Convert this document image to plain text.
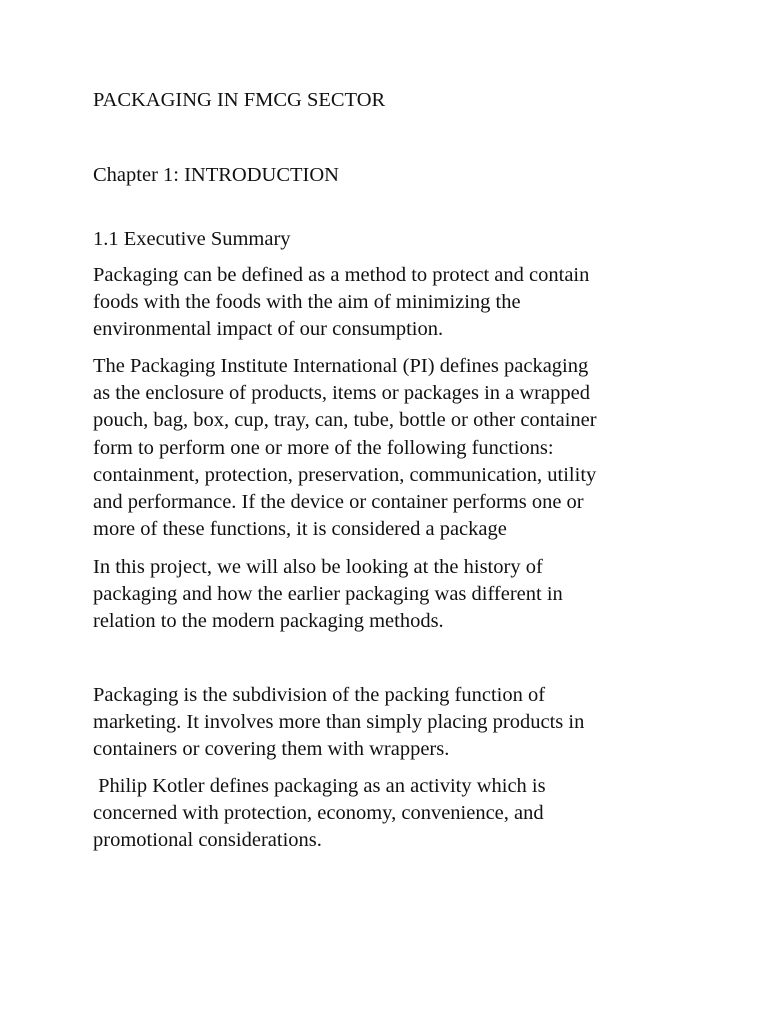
PACKAGING IN FMCG SECTOR

Chapter 1: INTRODUCTION

1.1 Executive Summary

Packaging can be defined as a method to protect and contain
foods with the foods with the aim of minimizing the
environmental impact of our consumption.

The Packaging Institute International (PI) defines packaging
as the enclosure of products, items or packages in a wrapped
pouch, bag, box, cup, tray, can, tube, bottle or other container
form to perform one or more of the following functions:
containment, protection, preservation, communication, utility
and performance. If the device or container performs one or
more of these functions, it is considered a package

In this project, we will also be looking at the history of
packaging and how the earlier packaging was different in
relation to the modern packaging methods.

Packaging is the subdivision of the packing function of
marketing. It involves more than simply placing products in
containers or covering them with wrappers.

Philip Kotler defines packaging as an activity which is
concerned with protection, economy, convenience, and
promotional considerations.
